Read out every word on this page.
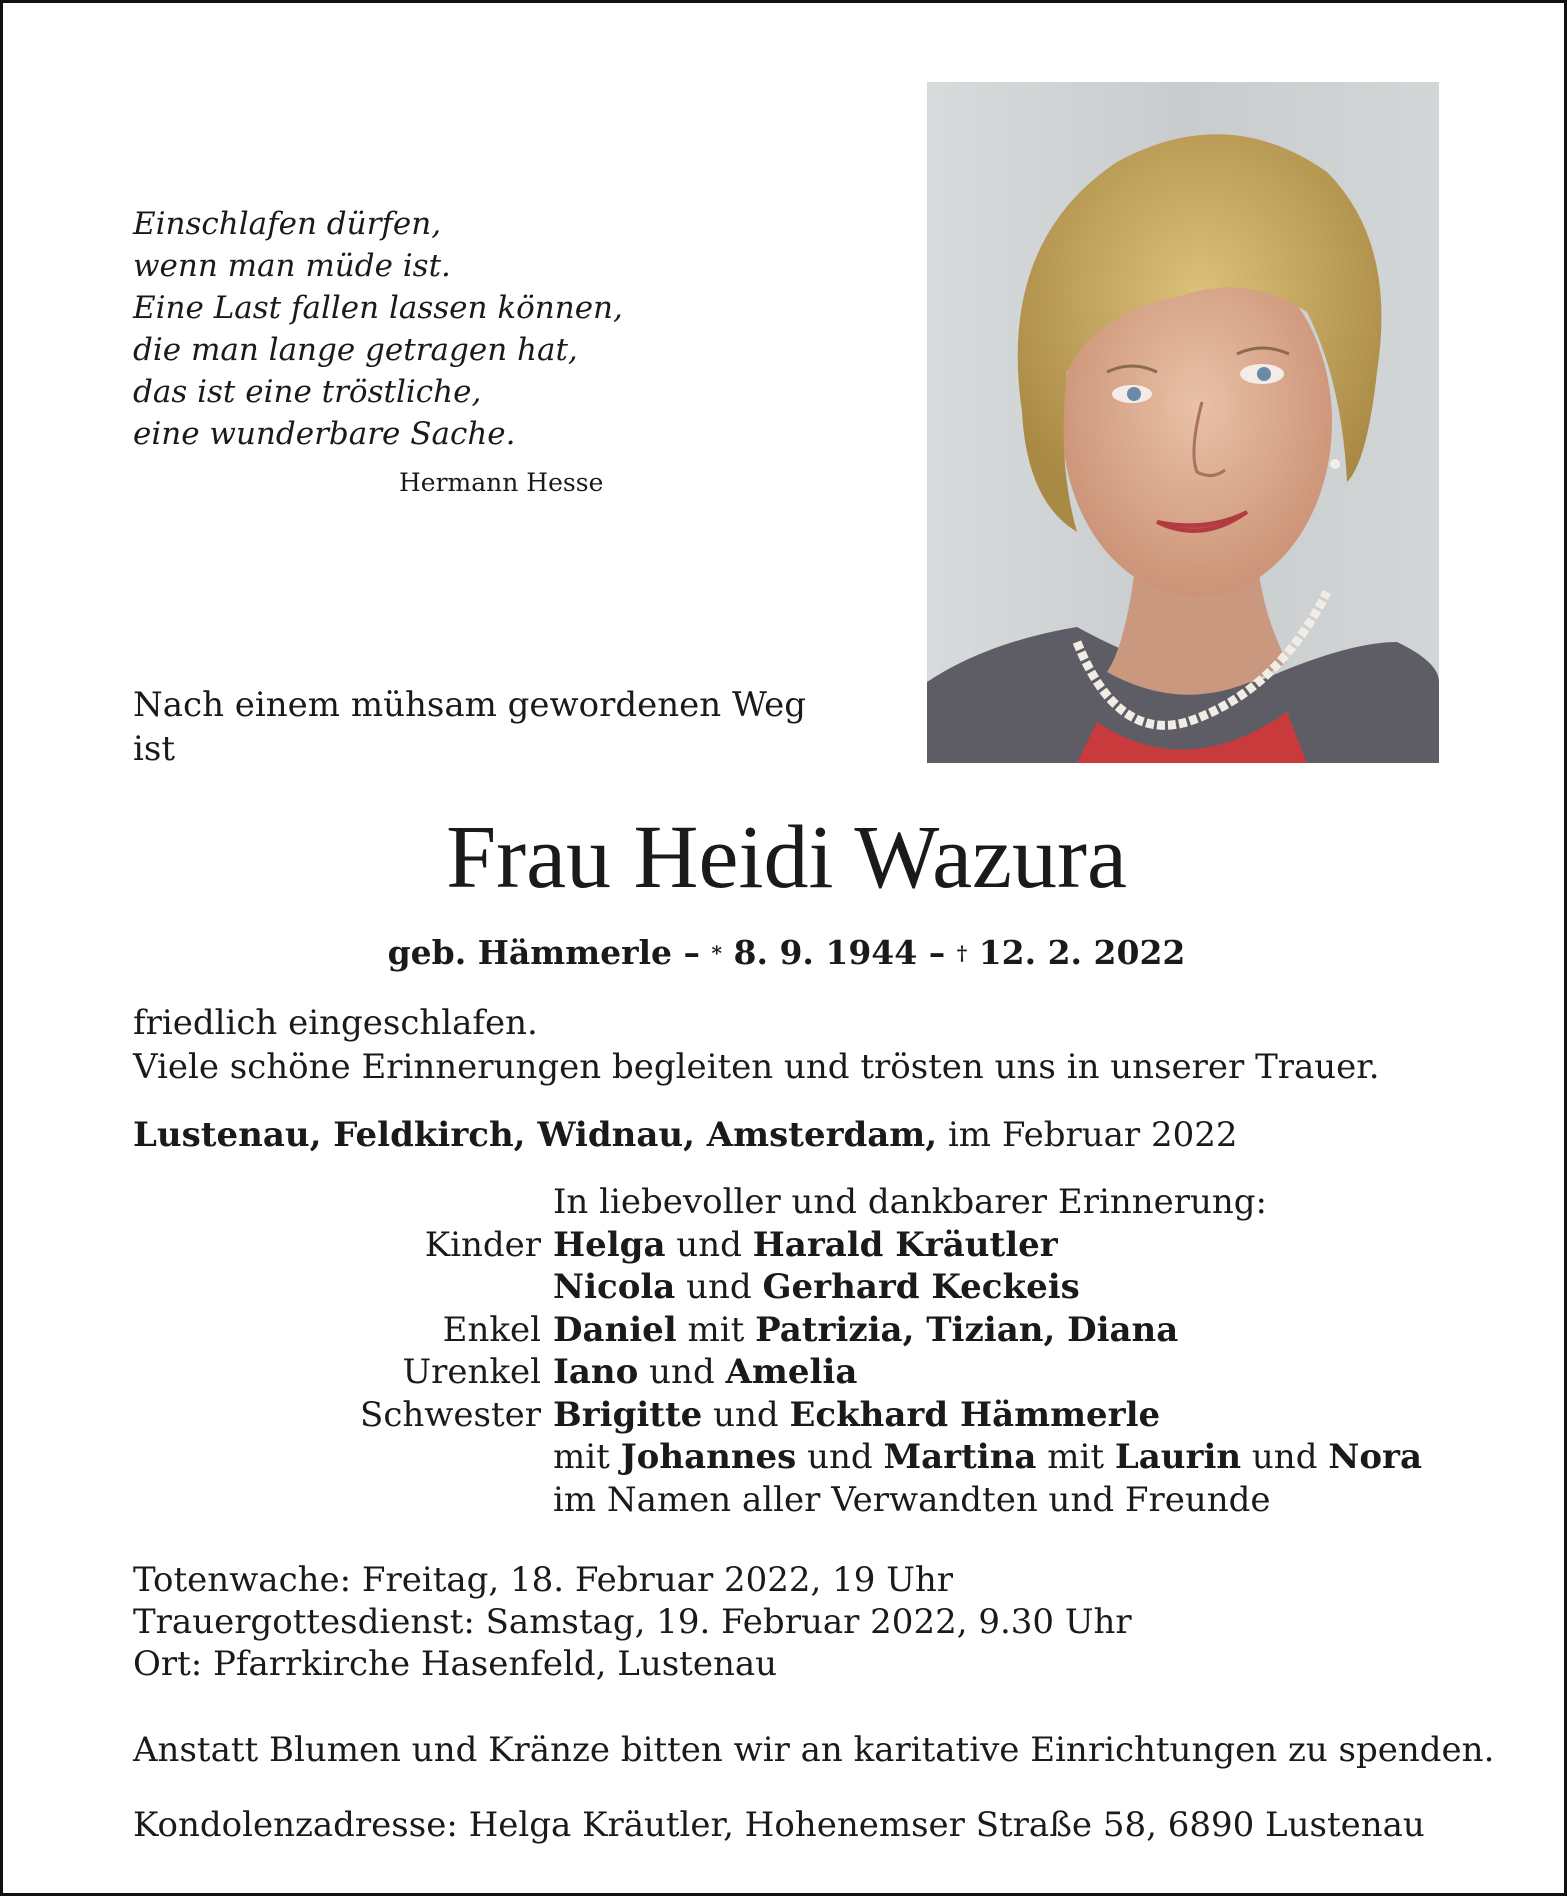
Einschlafen dürfen,
wenn man müde ist.
Eine Last fallen lassen können,
die man lange getragen hat,
das ist eine tröstliche,
eine wunderbare Sache.
Hermann Hesse
Nach einem mühsam gewordenen Weg
ist
Frau Heidi Wazura
geb. Hämmerle – * 8. 9. 1944 – † 12. 2. 2022
friedlich eingeschlafen.
Viele schöne Erinnerungen begleiten und trösten uns in unserer Trauer.
Lustenau, Feldkirch, Widnau, Amsterdam, im Februar 2022
In liebevoller und dankbarer Erinnerung:
Kinder Helga und Harald Kräutler
Nicola und Gerhard Keckeis
Enkel Daniel mit Patrizia, Tizian, Diana
Urenkel Iano und Amelia
Schwester Brigitte und Eckhard Hämmerle
mit Johannes und Martina mit Laurin und Nora
im Namen aller Verwandten und Freunde
Totenwache: Freitag, 18. Februar 2022, 19 Uhr
Trauergottesdienst: Samstag, 19. Februar 2022, 9.30 Uhr
Ort: Pfarrkirche Hasenfeld, Lustenau
Anstatt Blumen und Kränze bitten wir an karitative Einrichtungen zu spenden.
Kondolenzadresse: Helga Kräutler, Hohenemser Straße 58, 6890 Lustenau
